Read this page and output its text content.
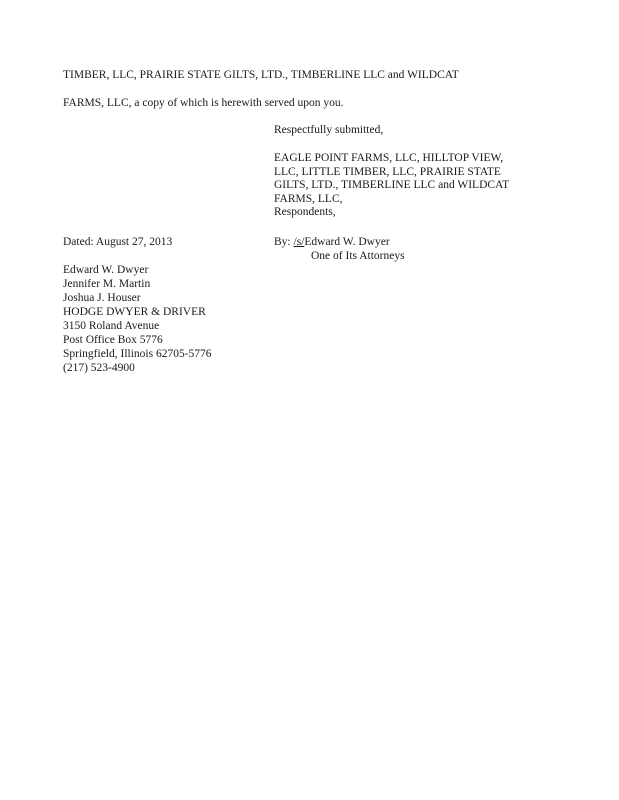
TIMBER, LLC, PRAIRIE STATE GILTS, LTD., TIMBERLINE LLC and WILDCAT
FARMS, LLC, a copy of which is herewith served upon you.
Respectfully submitted,
EAGLE POINT FARMS, LLC, HILLTOP VIEW,
LLC, LITTLE TIMBER, LLC, PRAIRIE STATE
GILTS, LTD., TIMBERLINE LLC and WILDCAT
FARMS, LLC,
Respondents,
Dated: August 27, 2013	By: /s/Edward W. Dwyer
One of Its Attorneys
Edward W. Dwyer
Jennifer M. Martin
Joshua J. Houser
HODGE DWYER & DRIVER
3150 Roland Avenue
Post Office Box 5776
Springfield, Illinois 62705-5776
(217) 523-4900
